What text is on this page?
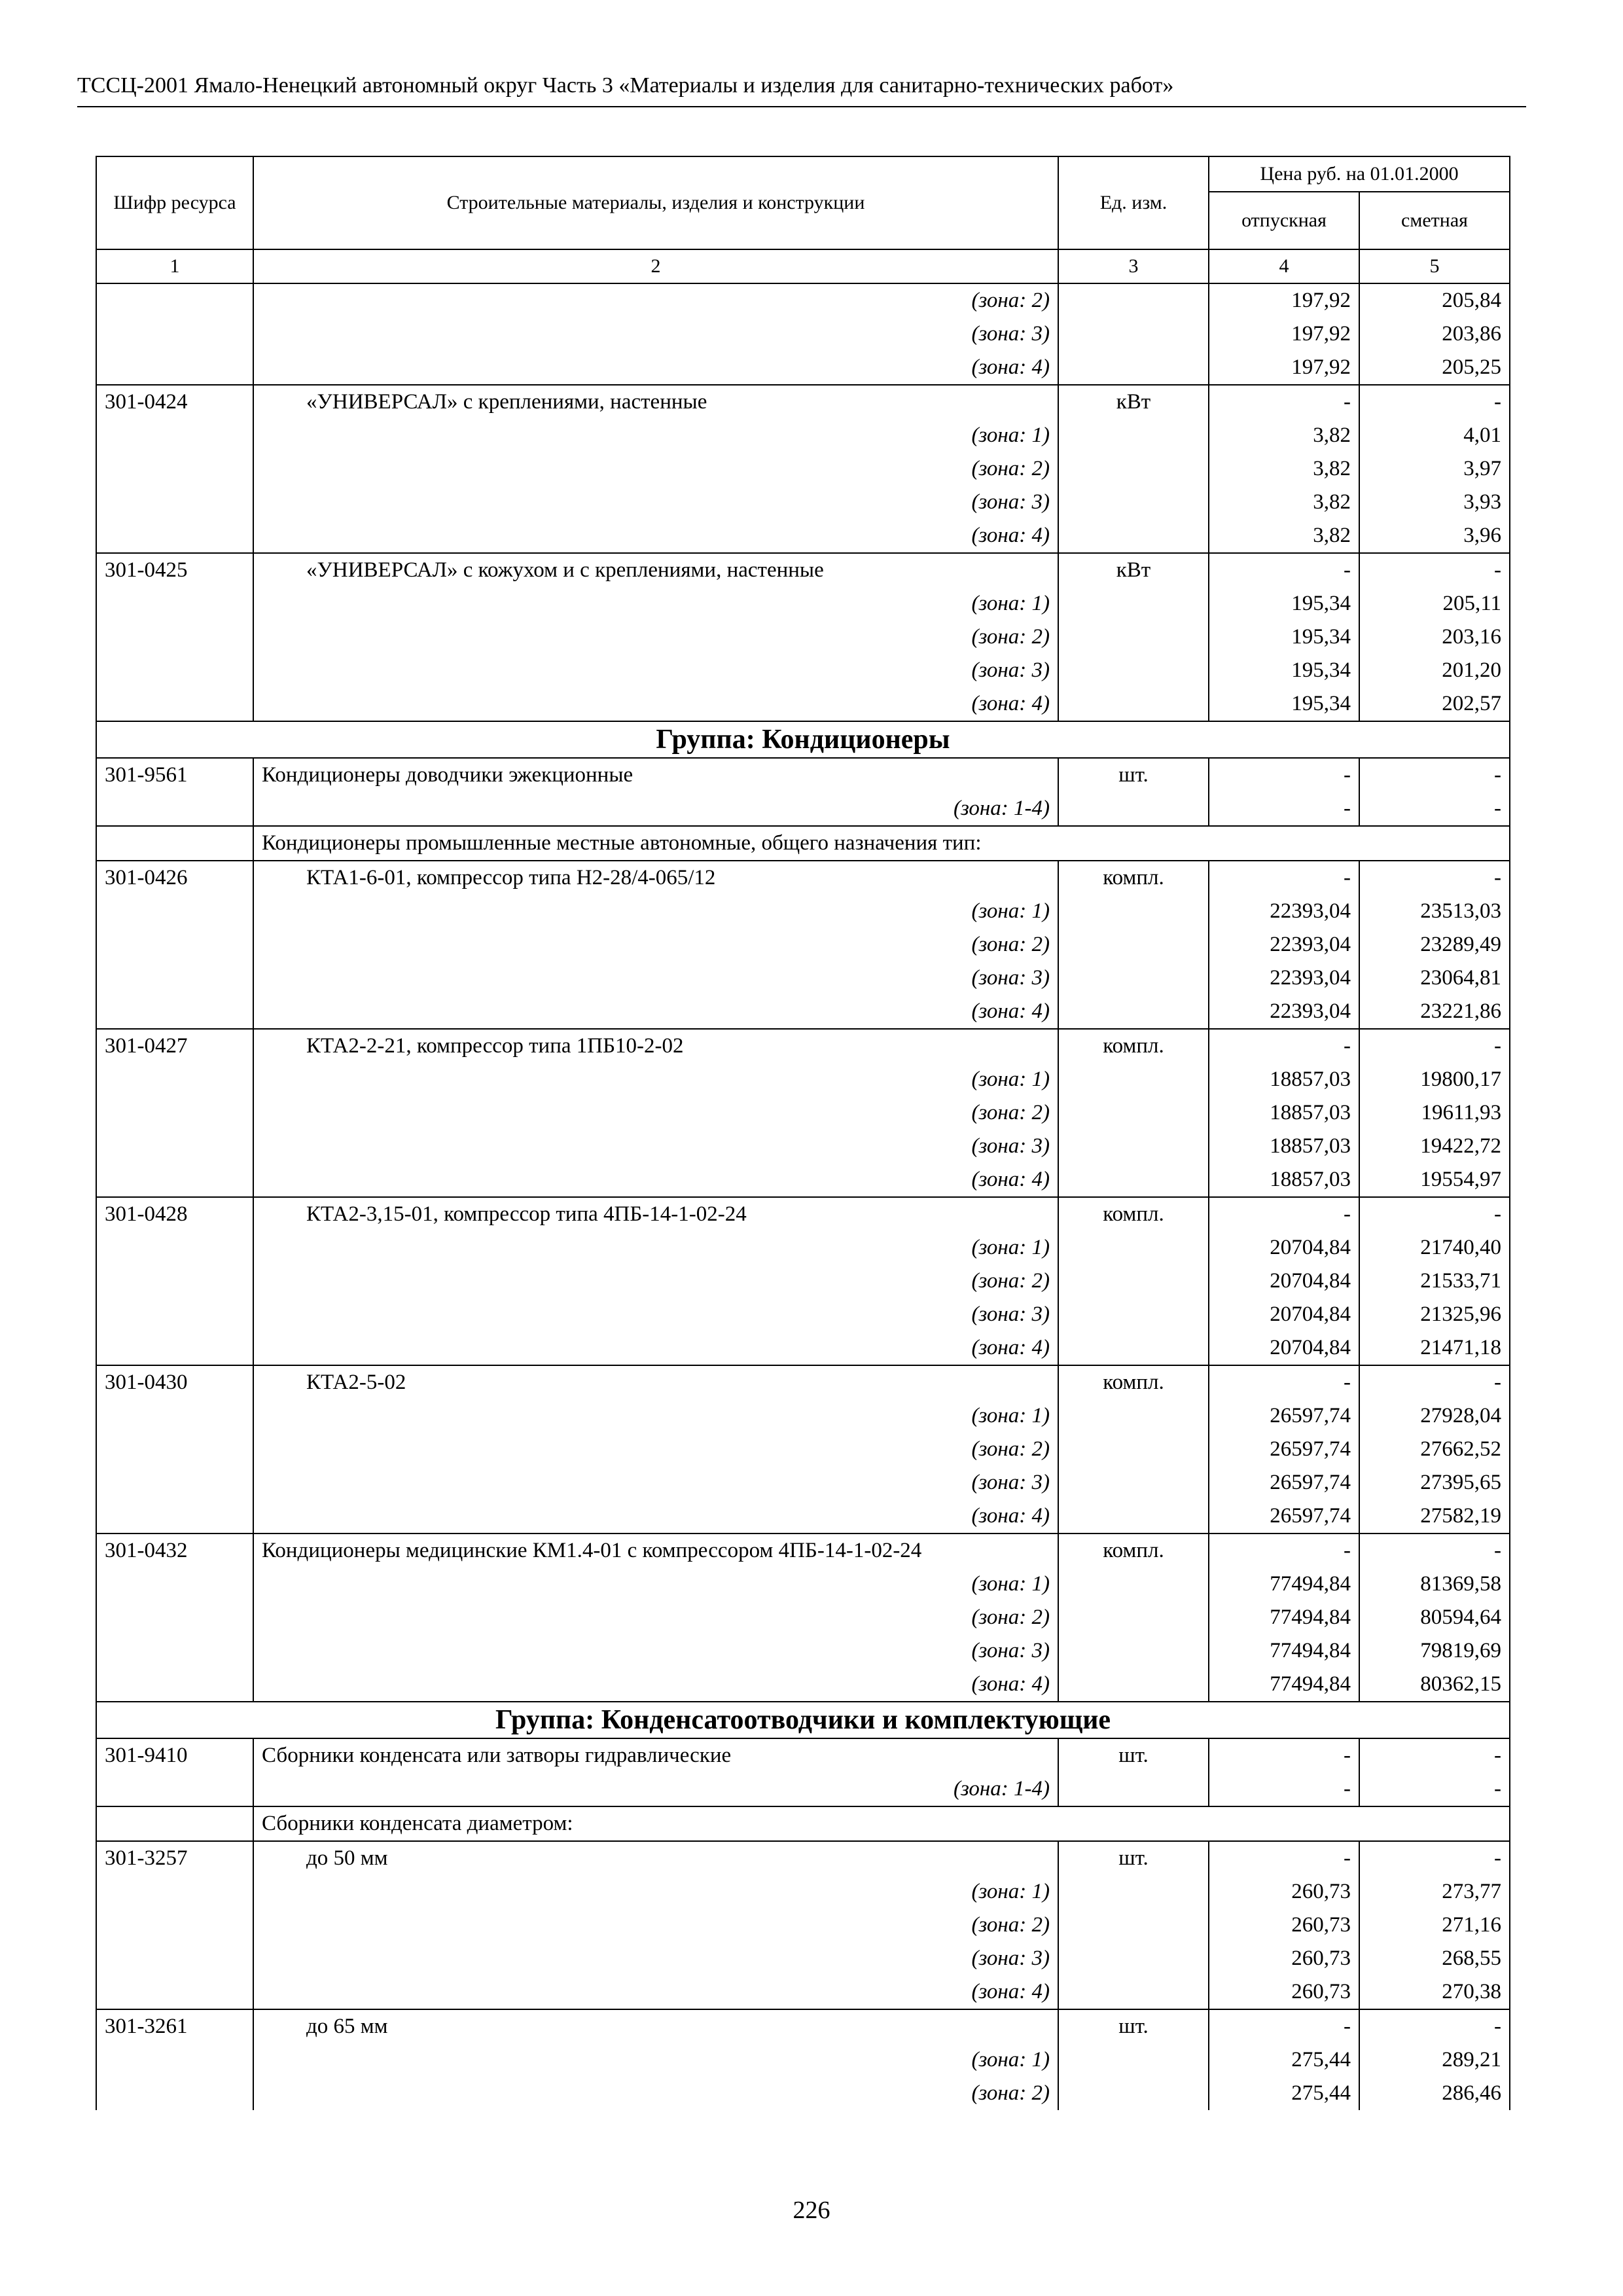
ТССЦ-2001 Ямало-Ненецкий автономный округ Часть 3 «Материалы и изделия для санитарно-технических работ»
Шифр ресурса	Строительные материалы, изделия и конструкции	Ед. изм.	Цена руб. на 01.01.2000	
			отпускная	сметная
1	2	3	4	5
	(зона: 2)		197,92	205,84
	(зона: 3)		197,92	203,86
	(зона: 4)		197,92	205,25
301-0424	«УНИВЕРСАЛ» с креплениями, настенные	кВт	-	-
	(зона: 1)		3,82	4,01
	(зона: 2)		3,82	3,97
	(зона: 3)		3,82	3,93
	(зона: 4)		3,82	3,96
301-0425	«УНИВЕРСАЛ» с кожухом и с креплениями, настенные	кВт	-	-
	(зона: 1)		195,34	205,11
	(зона: 2)		195,34	203,16
	(зона: 3)		195,34	201,20
	(зона: 4)		195,34	202,57
Группа: Кондиционеры				
301-9561	Кондиционеры доводчики эжекционные	шт.	-	-
	(зона: 1-4)		-	-
	Кондиционеры промышленные местные автономные, общего назначения тип:			
301-0426	КТА1-6-01, компрессор типа Н2-28/4-065/12	компл.	-	-
	(зона: 1)		22393,04	23513,03
	(зона: 2)		22393,04	23289,49
	(зона: 3)		22393,04	23064,81
	(зона: 4)		22393,04	23221,86
301-0427	КТА2-2-21, компрессор типа 1ПБ10-2-02	компл.	-	-
	(зона: 1)		18857,03	19800,17
	(зона: 2)		18857,03	19611,93
	(зона: 3)		18857,03	19422,72
	(зона: 4)		18857,03	19554,97
301-0428	КТА2-3,15-01, компрессор типа 4ПБ-14-1-02-24	компл.	-	-
	(зона: 1)		20704,84	21740,40
	(зона: 2)		20704,84	21533,71
	(зона: 3)		20704,84	21325,96
	(зона: 4)		20704,84	21471,18
301-0430	КТА2-5-02	компл.	-	-
	(зона: 1)		26597,74	27928,04
	(зона: 2)		26597,74	27662,52
	(зона: 3)		26597,74	27395,65
	(зона: 4)		26597,74	27582,19
301-0432	Кондиционеры медицинские КМ1.4-01 с компрессором 4ПБ-14-1-02-24	компл.	-	-
	(зона: 1)		77494,84	81369,58
	(зона: 2)		77494,84	80594,64
	(зона: 3)		77494,84	79819,69
	(зона: 4)		77494,84	80362,15
Группа: Конденсатоотводчики и комплектующие				
301-9410	Сборники конденсата или затворы гидравлические	шт.	-	-
	(зона: 1-4)		-	-
	Сборники конденсата диаметром:			
301-3257	до 50 мм	шт.	-	-
	(зона: 1)		260,73	273,77
	(зона: 2)		260,73	271,16
	(зона: 3)		260,73	268,55
	(зона: 4)		260,73	270,38
301-3261	до 65 мм	шт.	-	-
	(зона: 1)		275,44	289,21
	(зона: 2)		275,44	286,46
226
